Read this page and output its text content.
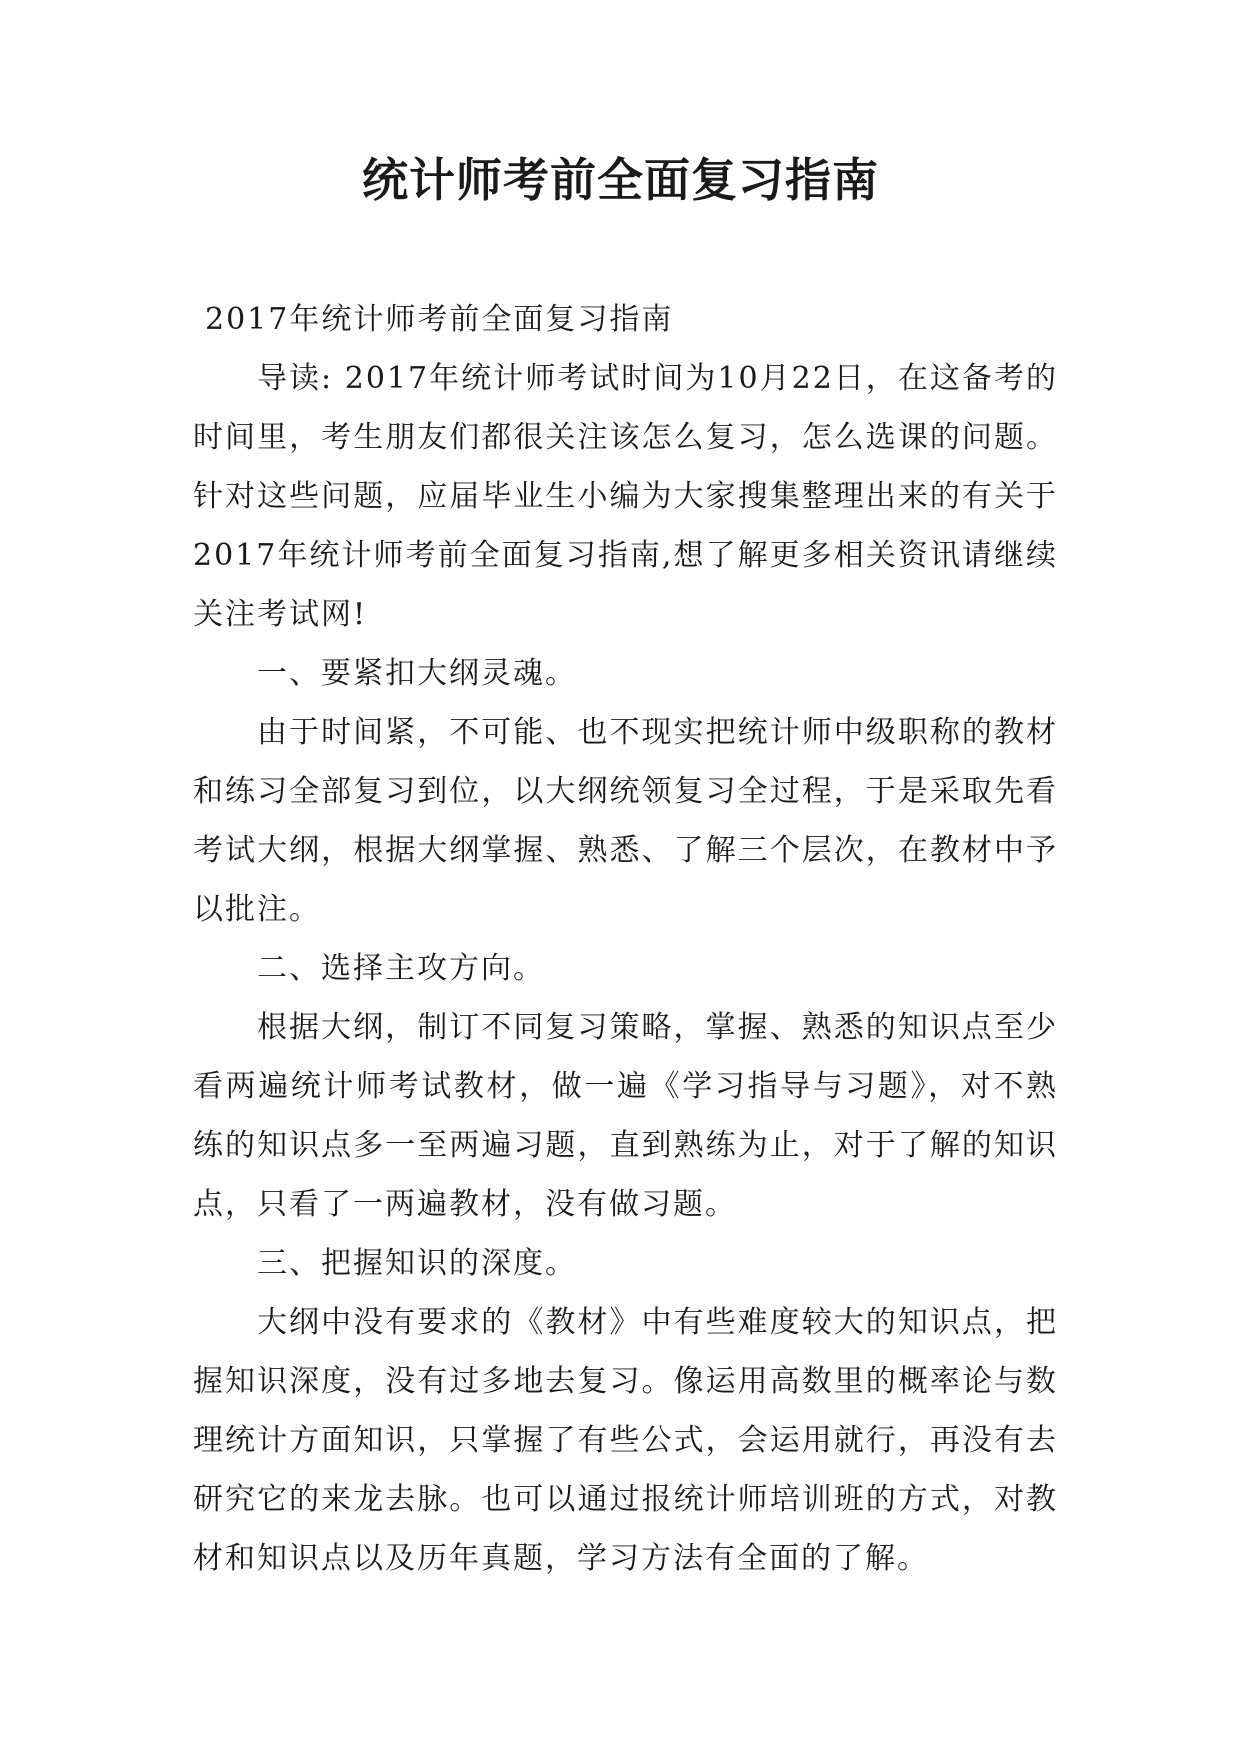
统计师考前全面复习指南

2017年统计师考前全面复习指南

导读: 2017年统计师考试时间为10月22日，在这备考的时间里，考生朋友们都很关注该怎么复习，怎么选课的问题。针对这些问题，应届毕业生小编为大家搜集整理出来的有关于2017年统计师考前全面复习指南,想了解更多相关资讯请继续关注考试网!

一、要紧扣大纲灵魂。

由于时间紧，不可能、也不现实把统计师中级职称的教材和练习全部复习到位，以大纲统领复习全过程，于是采取先看考试大纲，根据大纲掌握、熟悉、了解三个层次，在教材中予以批注。

二、选择主攻方向。

根据大纲，制订不同复习策略，掌握、熟悉的知识点至少看两遍统计师考试教材，做一遍《学习指导与习题》，对不熟练的知识点多一至两遍习题，直到熟练为止，对于了解的知识点，只看了一两遍教材，没有做习题。

三、把握知识的深度。

大纲中没有要求的《教材》中有些难度较大的知识点，把握知识深度，没有过多地去复习。像运用高数里的概率论与数理统计方面知识，只掌握了有些公式，会运用就行，再没有去研究它的来龙去脉。也可以通过报统计师培训班的方式，对教材和知识点以及历年真题，学习方法有全面的了解。
